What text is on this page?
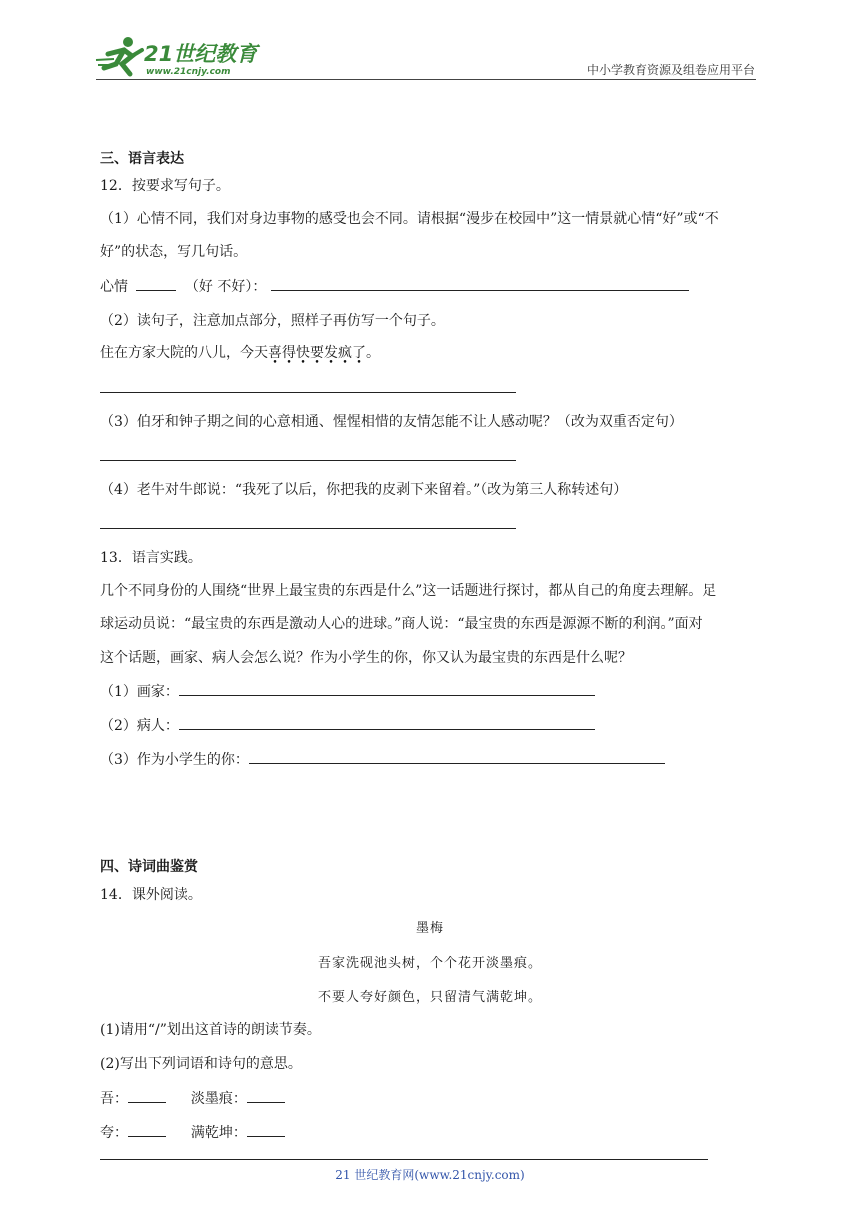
21世纪教育
www.21cnjy.com	中小学教育资源及组卷应用平台
三、语言表达
12．按要求写句子。
（1）心情不同，我们对身边事物的感受也会不同。请根据“漫步在校园中”这一情景就心情“好”或“不
好”的状态，写几句话。
心情	（好 不好）：
（2）读句子，注意加点部分，照样子再仿写一个句子。
住在方家大院的八儿，今天喜得快要发疯了。
（3）伯牙和钟子期之间的心意相通、惺惺相惜的友情怎能不让人感动呢？（改为双重否定句）
（4）老牛对牛郎说：“我死了以后，你把我的皮剥下来留着。”（改为第三人称转述句）
13．语言实践。
几个不同身份的人围绕“世界上最宝贵的东西是什么”这一话题进行探讨，都从自己的角度去理解。足
球运动员说：“最宝贵的东西是激动人心的进球。”商人说：“最宝贵的东西是源源不断的利润。”面对
这个话题，画家、病人会怎么说？作为小学生的你，你又认为最宝贵的东西是什么呢？
（1）画家：
（2）病人：
（3）作为小学生的你：
四、诗词曲鉴赏
14．课外阅读。
墨梅
吾家洗砚池头树，个个花开淡墨痕。
不要人夸好颜色，只留清气满乾坤。
(1)请用“/”划出这首诗的朗读节奏。
(2)写出下列词语和诗句的意思。
吾：	淡墨痕：
夸：	满乾坤：
21 世纪教育网(www.21cnjy.com)
